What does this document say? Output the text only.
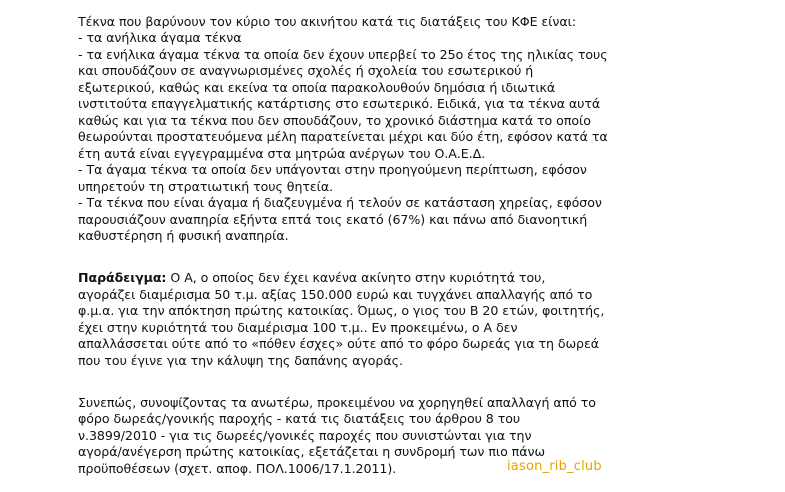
Τέκνα που βαρύνουν τον κύριο του ακινήτου κατά τις διατάξεις του ΚΦΕ είναι:
- τα ανήλικα άγαμα τέκνα
- τα ενήλικα άγαμα τέκνα τα οποία δεν έχουν υπερβεί το 25ο έτος της ηλικίας τους
και σπουδάζουν σε αναγνωρισμένες σχολές ή σχολεία του εσωτερικού ή
εξωτερικού, καθώς και εκείνα τα οποία παρακολουθούν δημόσια ή ιδιωτικά
ινστιτούτα επαγγελματικής κατάρτισης στο εσωτερικό. Ειδικά, για τα τέκνα αυτά
καθώς και για τα τέκνα που δεν σπουδάζουν, το χρονικό διάστημα κατά το οποίο
θεωρούνται προστατευόμενα μέλη παρατείνεται μέχρι και δύο έτη, εφόσον κατά τα
έτη αυτά είναι εγγεγραμμένα στα μητρώα ανέργων του Ο.Α.Ε.Δ.
- Τα άγαμα τέκνα τα οποία δεν υπάγονται στην προηγούμενη περίπτωση, εφόσον
υπηρετούν τη στρατιωτική τους θητεία.
- Τα τέκνα που είναι άγαμα ή διαζευγμένα ή τελούν σε κατάσταση χηρείας, εφόσον
παρουσιάζουν αναπηρία εξήντα επτά τοις εκατό (67%) και πάνω από διανοητική
καθυστέρηση ή φυσική αναπηρία.
Παράδειγμα: Ο Α, ο οποίος δεν έχει κανένα ακίνητο στην κυριότητά του,
αγοράζει διαμέρισμα 50 τ.μ. αξίας 150.000 ευρώ και τυγχάνει απαλλαγής από το
φ.μ.α. για την απόκτηση πρώτης κατοικίας. Όμως, ο γιος του Β 20 ετών, φοιτητής,
έχει στην κυριότητά του διαμέρισμα 100 τ.μ.. Εν προκειμένω, ο Α δεν
απαλλάσσεται ούτε από το «πόθεν έσχες» ούτε από το φόρο δωρεάς για τη δωρεά
που του έγινε για την κάλυψη της δαπάνης αγοράς.
Συνεπώς, συνοψίζοντας τα ανωτέρω, προκειμένου να χορηγηθεί απαλλαγή από το
φόρο δωρεάς/γονικής παροχής - κατά τις διατάξεις του άρθρου 8 του
ν.3899/2010 - για τις δωρεές/γονικές παροχές που συνιστώνται για την
αγορά/ανέγερση πρώτης κατοικίας, εξετάζεται η συνδρομή των πιο πάνω
προϋποθέσεων (σχετ. αποφ. ΠΟΛ.1006/17.1.2011).	iason_rib_club
